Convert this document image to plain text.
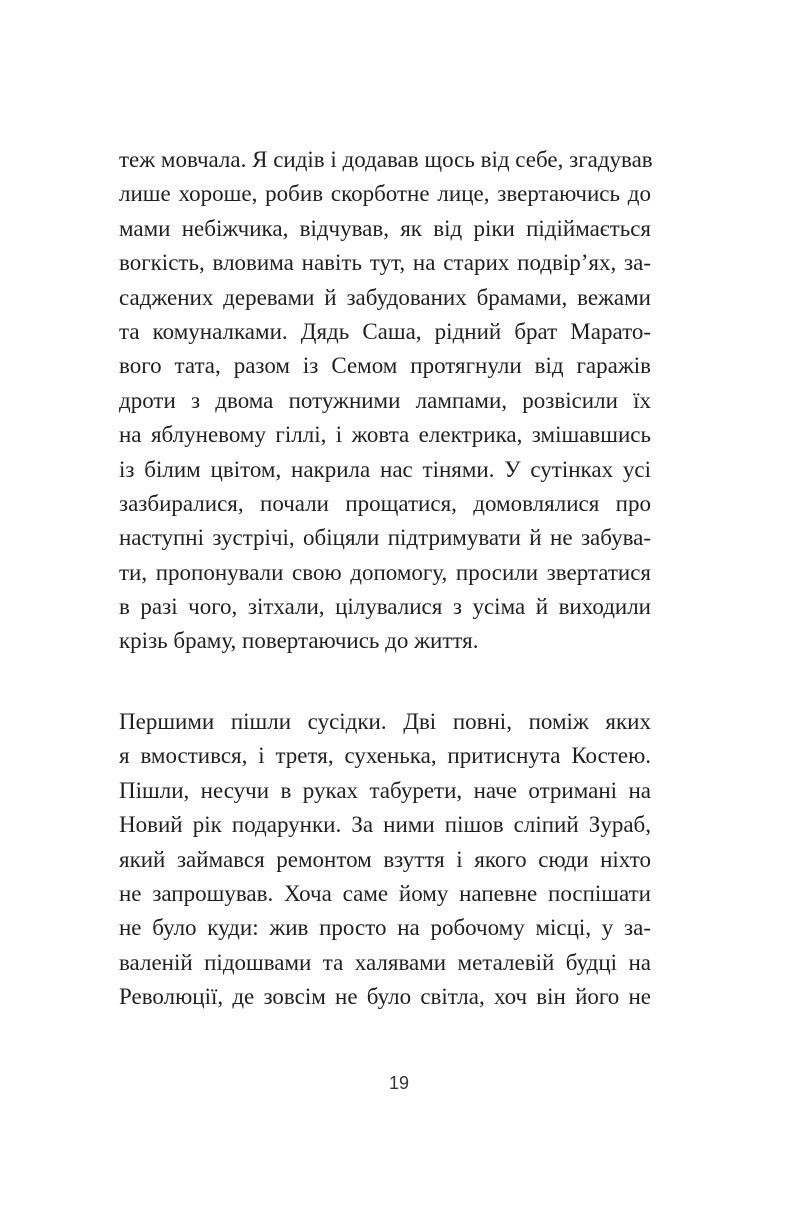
теж мовчала. Я сидів і додавав щось від себе, згадував
лише хороше, робив скорботне лице, звертаючись до
мами небіжчика, відчував, як від ріки підіймається
вогкість, вловима навіть тут, на старих подвір’ях, за-
саджених деревами й забудованих брамами, вежами
та комуналками. Дядь Саша, рідний брат Марато-
вого тата, разом із Семом протягнули від гаражів
дроти з двома потужними лампами, розвісили їх
на яблуневому гіллі, і жовта електрика, змішавшись
із білим цвітом, накрила нас тінями. У сутінках усі
зазбиралися, почали прощатися, домовлялися про
наступні зустрічі, обіцяли підтримувати й не забува-
ти, пропонували свою допомогу, просили звертатися
в разі чого, зітхали, цілувалися з усіма й виходили
крізь браму, повертаючись до життя.
Першими пішли сусідки. Дві повні, поміж яких
я вмостився, і третя, сухенька, притиснута Костею.
Пішли, несучи в руках табурети, наче отримані на
Новий рік подарунки. За ними пішов сліпий Зураб,
який займався ремонтом взуття і якого сюди ніхто
не запрошував. Хоча саме йому напевне поспішати
не було куди: жив просто на робочому місці, у за-
валеній підошвами та халявами металевій будці на
Революції, де зовсім не було світла, хоч він його не
19
